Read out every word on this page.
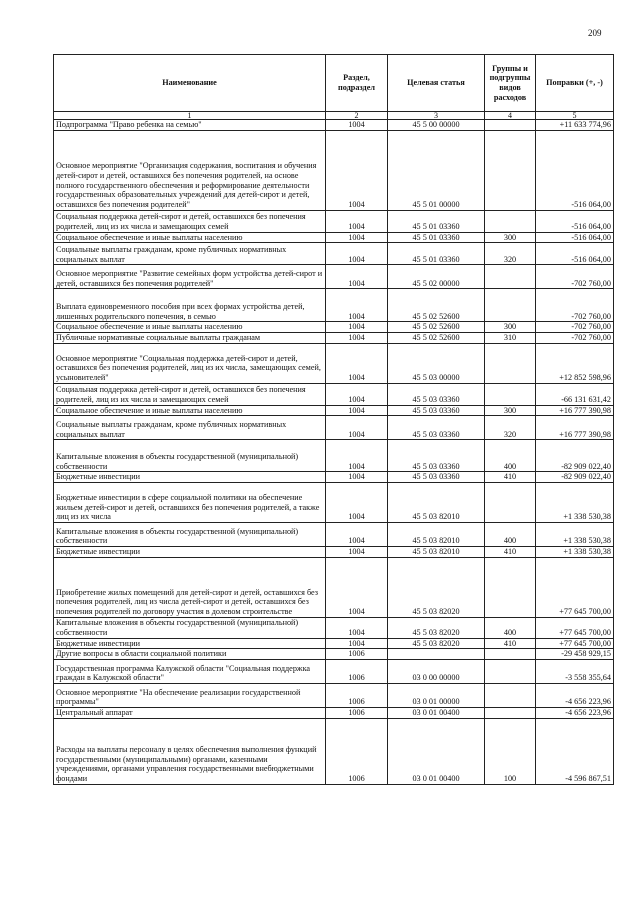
209
Наименование	Раздел, подраздел	Целевая статья	Группы и подгруппы видов расходов	Поправки (+, -)
1	2	3	4	5
Подпрограмма "Право ребенка на семью"	1004	45 5 00 00000		+11 633 774,96
Основное мероприятие "Организация содержания, воспитания и обучения детей-сирот и детей, оставшихся без попечения родителей, на основе полного государственного обеспечения и реформирование деятельности государственных образовательных учреждений для детей-сирот и детей, оставшихся без попечения родителей"	1004	45 5 01 00000		-516 064,00
Социальная поддержка детей-сирот и детей, оставшихся без попечения родителей, лиц из их числа и замещающих семей	1004	45 5 01 03360		-516 064,00
Социальное обеспечение и иные выплаты населению	1004	45 5 01 03360	300	-516 064,00
Социальные выплаты гражданам, кроме публичных нормативных социальных выплат	1004	45 5 01 03360	320	-516 064,00
Основное мероприятие "Развитие семейных форм устройства детей-сирот и детей, оставшихся без попечения родителей"	1004	45 5 02 00000		-702 760,00
Выплата единовременного пособия при всех формах устройства детей, лишенных родительского попечения, в семью	1004	45 5 02 52600		-702 760,00
Социальное обеспечение и иные выплаты населению	1004	45 5 02 52600	300	-702 760,00
Публичные нормативные социальные выплаты гражданам	1004	45 5 02 52600	310	-702 760,00
Основное мероприятие "Социальная поддержка детей-сирот и детей, оставшихся без попечения родителей, лиц из их числа, замещающих семей, усыновителей"	1004	45 5 03 00000		+12 852 598,96
Социальная поддержка детей-сирот и детей, оставшихся без попечения родителей, лиц из их числа и замещающих семей	1004	45 5 03 03360		-66 131 631,42
Социальное обеспечение и иные выплаты населению	1004	45 5 03 03360	300	+16 777 390,98
Социальные выплаты гражданам, кроме публичных нормативных социальных выплат	1004	45 5 03 03360	320	+16 777 390,98
Капитальные вложения в объекты государственной (муниципальной) собственности	1004	45 5 03 03360	400	-82 909 022,40
Бюджетные инвестиции	1004	45 5 03 03360	410	-82 909 022,40
Бюджетные инвестиции в сфере социальной политики на обеспечение жильем детей-сирот и детей, оставшихся без попечения родителей, а также лиц из их числа	1004	45 5 03 82010		+1 338 530,38
Капитальные вложения в объекты государственной (муниципальной) собственности	1004	45 5 03 82010	400	+1 338 530,38
Бюджетные инвестиции	1004	45 5 03 82010	410	+1 338 530,38
Приобретение жилых помещений для детей-сирот и детей, оставшихся без попечения родителей, лиц из числа детей-сирот и детей, оставшихся без попечения родителей по договору участия в долевом строительстве	1004	45 5 03 82020		+77 645 700,00
Капитальные вложения в объекты государственной (муниципальной) собственности	1004	45 5 03 82020	400	+77 645 700,00
Бюджетные инвестиции	1004	45 5 03 82020	410	+77 645 700,00
Другие вопросы в области социальной политики	1006			-29 458 929,15
Государственная программа Калужской области "Социальная поддержка граждан в Калужской области"	1006	03 0 00 00000		-3 558 355,64
Основное мероприятие "На обеспечение реализации государственной программы"	1006	03 0 01 00000		-4 656 223,96
Центральный аппарат	1006	03 0 01 00400		-4 656 223,96
Расходы на выплаты персоналу в целях обеспечения выполнения функций государственными (муниципальными) органами, казенными учреждениями, органами управления государственными внебюджетными фондами	1006	03 0 01 00400	100	-4 596 867,51
